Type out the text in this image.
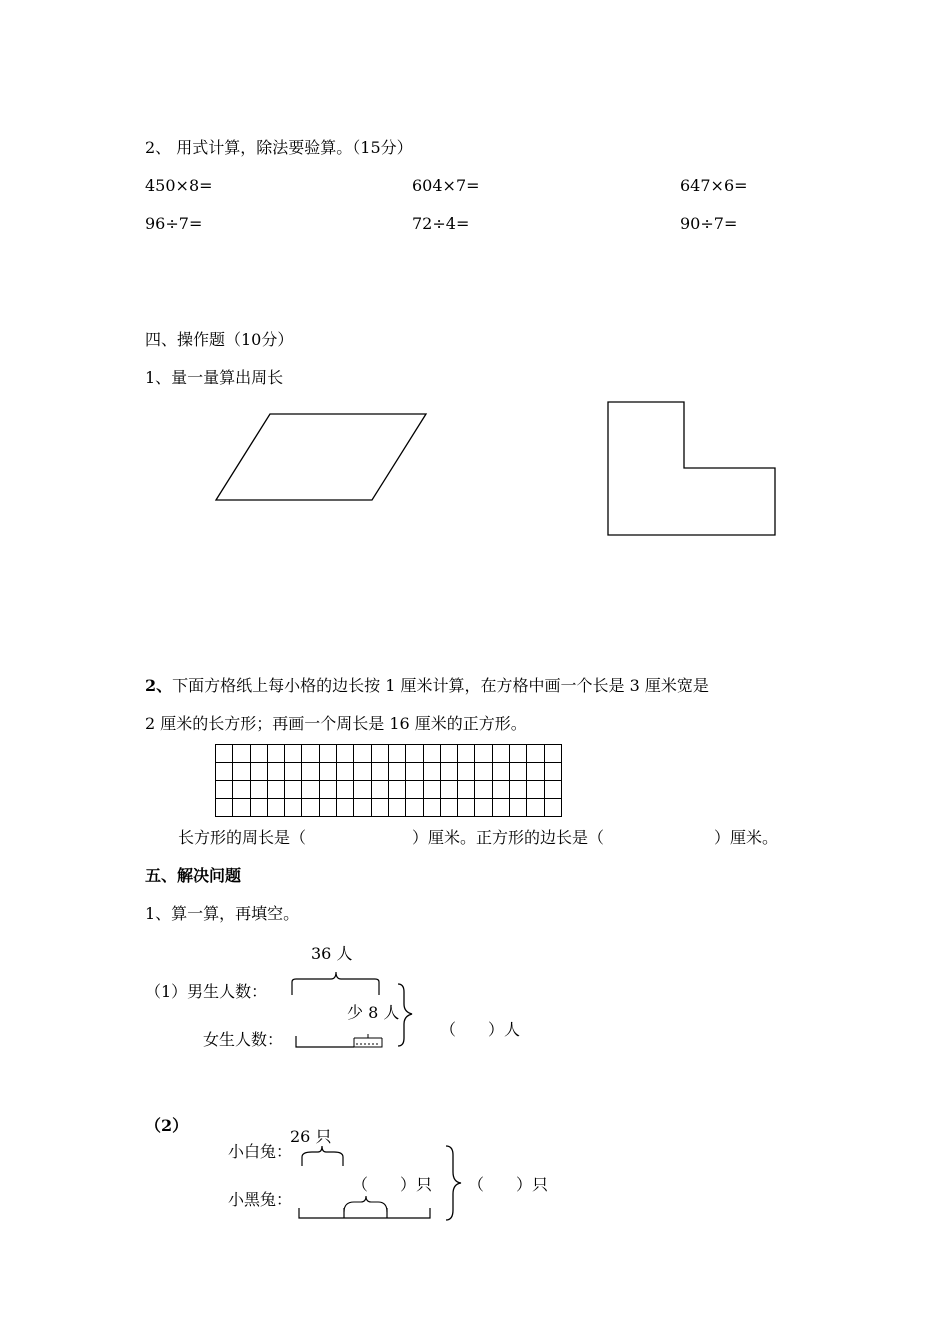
2、 用式计算，除法要验算。（15分）
450×8=	604×7=	647×6=
96÷7=	72÷4=	90÷7=
四、操作题（10分）
1、量一量算出周长
2、下面方格纸上每小格的边长按 1 厘米计算，在方格中画一个长是 3 厘米宽是
2 厘米的长方形；再画一个周长是 16 厘米的正方形。

长方形的周长是（	）厘米。正方形的边长是（	）厘米。
五、解决问题
1、算一算，再填空。
36 人
（1）男生人数：
少 8 人
女生人数：
（　　）人
（2）
26 只
小白兔：
（　　）只
小黑兔：
（　　）只
